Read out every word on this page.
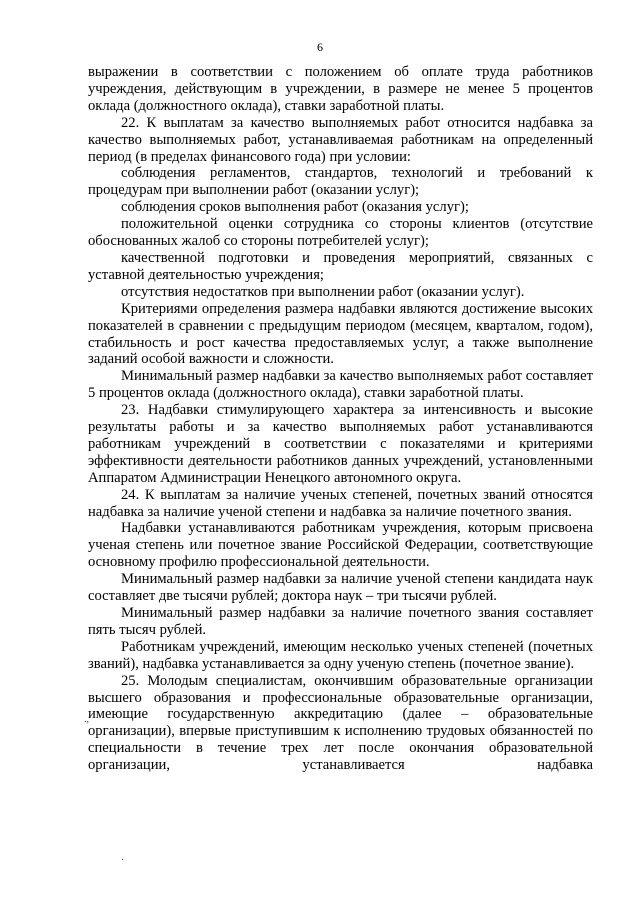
6

выражении в соответствии с положением об оплате труда работников учреждения, действующим в учреждении, в размере не менее 5 процентов оклада (должностного оклада), ставки заработной платы.

22. К выплатам за качество выполняемых работ относится надбавка за качество выполняемых работ, устанавливаемая работникам на определенный период (в пределах финансового года) при условии:

соблюдения регламентов, стандартов, технологий и требований к процедурам при выполнении работ (оказании услуг);

соблюдения сроков выполнения работ (оказания услуг);

положительной оценки сотрудника со стороны клиентов (отсутствие обоснованных жалоб со стороны потребителей услуг);

качественной подготовки и проведения мероприятий, связанных с уставной деятельностью учреждения;

отсутствия недостатков при выполнении работ (оказании услуг).

Критериями определения размера надбавки являются достижение высоких показателей в сравнении с предыдущим периодом (месяцем, кварталом, годом), стабильность и рост качества предоставляемых услуг, а также выполнение заданий особой важности и сложности.

Минимальный размер надбавки за качество выполняемых работ составляет 5 процентов оклада (должностного оклада), ставки заработной платы.

23. Надбавки стимулирующего характера за интенсивность и высокие результаты работы и за качество выполняемых работ устанавливаются работникам учреждений в соответствии с показателями и критериями эффективности деятельности работников данных учреждений, установленными Аппаратом Администрации Ненецкого автономного округа.

24. К выплатам за наличие ученых степеней, почетных званий относятся надбавка за наличие ученой степени и надбавка за наличие почетного звания.

Надбавки устанавливаются работникам учреждения, которым присвоена ученая степень или почетное звание Российской Федерации, соответствующие основному профилю профессиональной деятельности.

Минимальный размер надбавки за наличие ученой степени кандидата наук составляет две тысячи рублей; доктора наук – три тысячи рублей.

Минимальный размер надбавки за наличие почетного звания составляет пять тысяч рублей.

Работникам учреждений, имеющим несколько ученых степеней (почетных званий), надбавка устанавливается за одну ученую степень (почетное звание).

25. Молодым специалистам, окончившим образовательные организации высшего образования и профессиональные образовательные организации, имеющие государственную аккредитацию (далее – образовательные организации), впервые приступившим к исполнению трудовых обязанностей по специальности в течение трех лет после окончания образовательной организации, устанавливается надбавка

.,
·
